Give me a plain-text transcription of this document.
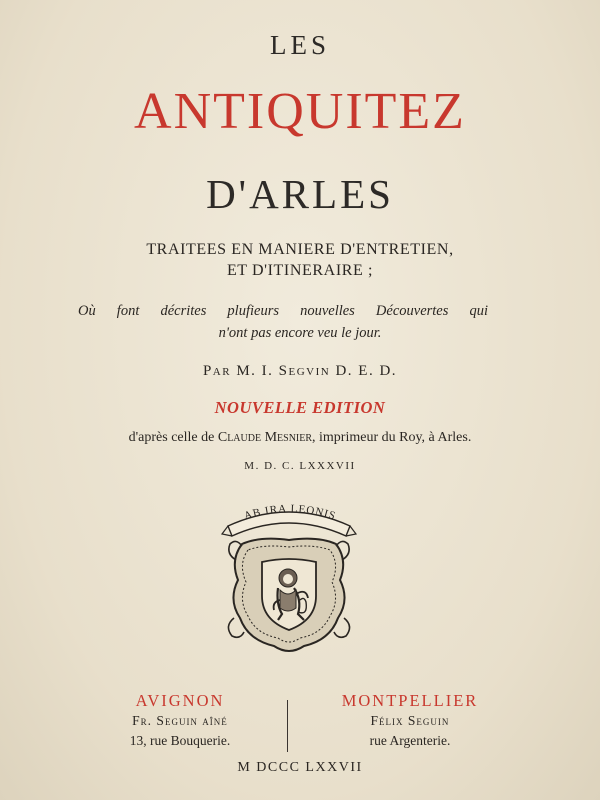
LES
ANTIQUITEZ
D'ARLES
TRAITEES EN MANIERE D'ENTRETIEN,
ET D'ITINERAIRE ;
Où font décrites plufieurs nouvelles Découvertes qui
n'ont pas encore veu le jour.
Par M. I. Segvin D. E. D.
NOUVELLE EDITION
d'après celle de Claude Mesnier, imprimeur du Roy, à Arles.
M. D. C. LXXXVII
AB IRA LEONIS
AVIGNON
Fr. Seguin aîné
13, rue Bouquerie.
MONTPELLIER
Félix Seguin
rue Argenterie.
M DCCC LXXVII
